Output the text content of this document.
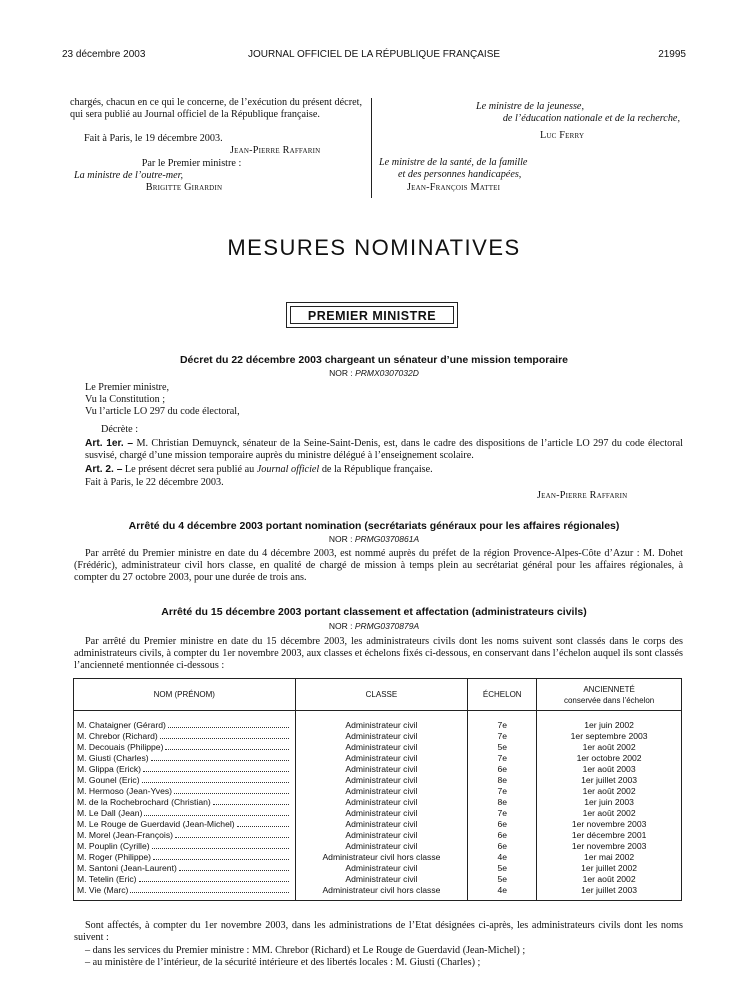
23 décembre 2003	JOURNAL OFFICIEL DE LA RÉPUBLIQUE FRANÇAISE	21995
chargés, chacun en ce qui le concerne, de l’exécution du présent décret, qui sera publié au Journal officiel de la République française.
Fait à Paris, le 19 décembre 2003.
Jean-Pierre Raffarin
Par le Premier ministre :
La ministre de l’outre-mer,
Brigitte Girardin
Le ministre de la jeunesse,
de l’éducation nationale et de la recherche,
Luc Ferry
Le ministre de la santé, de la famille
et des personnes handicapées,
Jean-François Mattei
MESURES NOMINATIVES
PREMIER MINISTRE
Décret du 22 décembre 2003 chargeant un sénateur d’une mission temporaire
NOR : PRMX0307032D
Le Premier ministre,
Vu la Constitution ;
Vu l’article LO 297 du code électoral,
Décrète :
Art. 1er. – M. Christian Demuynck, sénateur de la Seine-Saint-Denis, est, dans le cadre des dispositions de l’article LO 297 du code électoral susvisé, chargé d’une mission temporaire auprès du ministre délégué à l’enseignement scolaire.
Art. 2. – Le présent décret sera publié au Journal officiel de la République française.
Fait à Paris, le 22 décembre 2003.
Jean-Pierre Raffarin
Arrêté du 4 décembre 2003 portant nomination (secrétariats généraux pour les affaires régionales)
NOR : PRMG0370861A
Par arrêté du Premier ministre en date du 4 décembre 2003, est nommé auprès du préfet de la région Provence-Alpes-Côte d’Azur : M. Dohet (Frédéric), administrateur civil hors classe, en qualité de chargé de mission à temps plein au secrétariat général pour les affaires régionales, à compter du 27 octobre 2003, pour une durée de trois ans.
Arrêté du 15 décembre 2003 portant classement et affectation (administrateurs civils)
NOR : PRMG0370879A
Par arrêté du Premier ministre en date du 15 décembre 2003, les administrateurs civils dont les noms suivent sont classés dans le corps des administrateurs civils, à compter du 1er novembre 2003, aux classes et échelons fixés ci-dessous, en conservant dans l’échelon auquel ils sont classés l’ancienneté mentionnée ci-dessous :
NOM (PRÉNOM)	CLASSE	ÉCHELON	ANCIENNETÉ
conservée dans l’échelon

M. Chataigner (Gérard)	Administrateur civil	7e	1er juin 2002

M. Chrebor (Richard)	Administrateur civil	7e	1er septembre 2003

M. Decouais (Philippe)	Administrateur civil	5e	1er août 2002

M. Giusti (Charles)	Administrateur civil	7e	1er octobre 2002

M. Glippa (Erick)	Administrateur civil	6e	1er août 2003

M. Gounel (Eric)	Administrateur civil	8e	1er juillet 2003

M. Hermoso (Jean-Yves)	Administrateur civil	7e	1er août 2002

M. de la Rochebrochard (Christian)	Administrateur civil	8e	1er juin 2003

M. Le Dall (Jean)	Administrateur civil	7e	1er août 2002

M. Le Rouge de Guerdavid (Jean-Michel)	Administrateur civil	6e	1er novembre 2003

M. Morel (Jean-François)	Administrateur civil	6e	1er décembre 2001

M. Pouplin (Cyrille)	Administrateur civil	6e	1er novembre 2003

M. Roger (Philippe)	Administrateur civil hors classe	4e	1er mai 2002

M. Santoni (Jean-Laurent)	Administrateur civil	5e	1er juillet 2002

M. Tetelin (Eric)	Administrateur civil	5e	1er août 2002

M. Vie (Marc)	Administrateur civil hors classe	4e	1er juillet 2003
Sont affectés, à compter du 1er novembre 2003, dans les administrations de l’Etat désignées ci-après, les administrateurs civils dont les noms suivent :
– dans les services du Premier ministre : MM. Chrebor (Richard) et Le Rouge de Guerdavid (Jean-Michel) ;
– au ministère de l’intérieur, de la sécurité intérieure et des libertés locales : M. Giusti (Charles) ;
